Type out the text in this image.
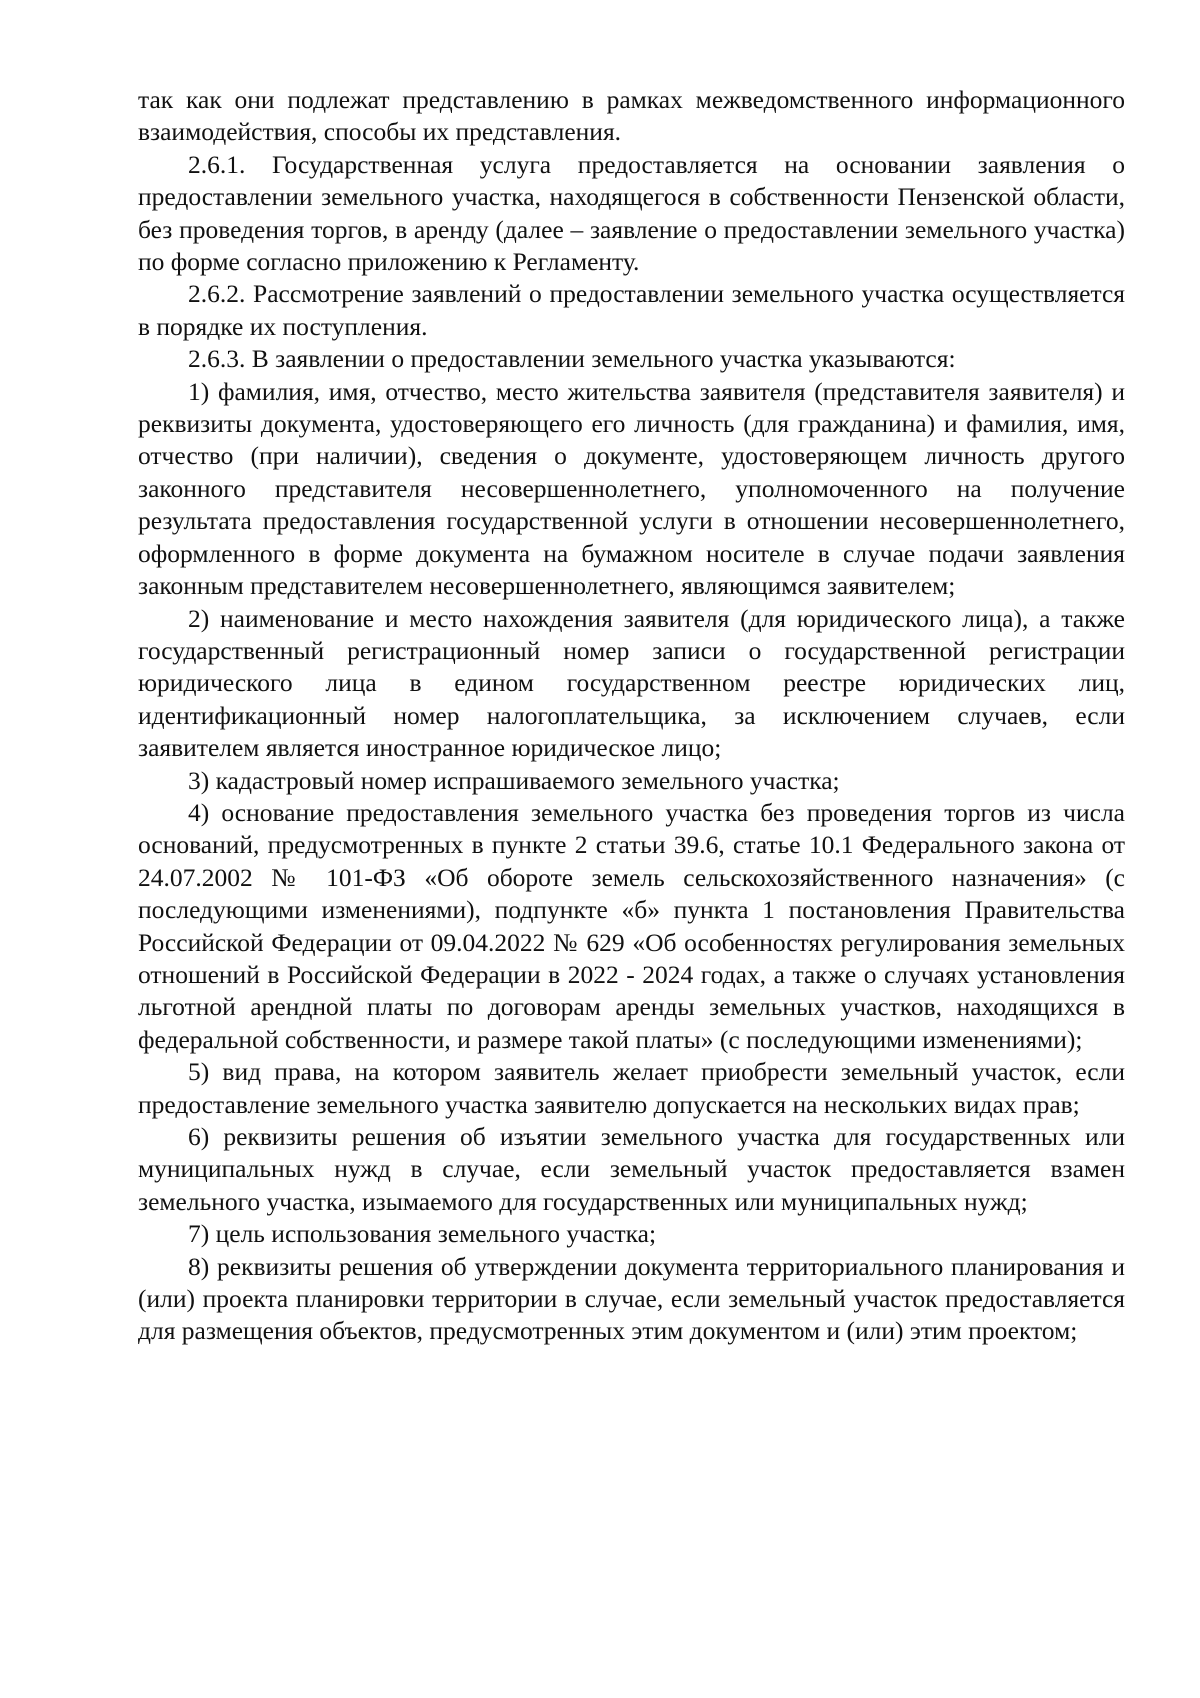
так как они подлежат представлению в рамках межведомственного информационного взаимодействия, способы их представления.

2.6.1. Государственная услуга предоставляется на основании заявления о предоставлении земельного участка, находящегося в собственности Пензенской области, без проведения торгов, в аренду (далее – заявление о предоставлении земельного участка) по форме согласно приложению к Регламенту.

2.6.2. Рассмотрение заявлений о предоставлении земельного участка осуществляется в порядке их поступления.

2.6.3. В заявлении о предоставлении земельного участка указываются:

1) фамилия, имя, отчество, место жительства заявителя (представителя заявителя) и реквизиты документа, удостоверяющего его личность (для гражданина) и фамилия, имя, отчество (при наличии), сведения о документе, удостоверяющем личность другого законного представителя несовершеннолетнего, уполномоченного на получение результата предоставления государственной услуги в отношении несовершеннолетнего, оформленного в форме документа на бумажном носителе в случае подачи заявления законным представителем несовершеннолетнего, являющимся заявителем;

2) наименование и место нахождения заявителя (для юридического лица), а также государственный регистрационный номер записи о государственной регистрации юридического лица в едином государственном реестре юридических лиц, идентификационный номер налогоплательщика, за исключением случаев, если заявителем является иностранное юридическое лицо;

3) кадастровый номер испрашиваемого земельного участка;

4) основание предоставления земельного участка без проведения торгов из числа оснований, предусмотренных в пункте 2 статьи 39.6, статье 10.1 Федерального закона от 24.07.2002 № 101-ФЗ «Об обороте земель сельскохозяйственного назначения» (с последующими изменениями), подпункте «б» пункта 1 постановления Правительства Российской Федерации от 09.04.2022 № 629 «Об особенностях регулирования земельных отношений в Российской Федерации в 2022 - 2024 годах, а также о случаях установления льготной арендной платы по договорам аренды земельных участков, находящихся в федеральной собственности, и размере такой платы» (с последующими изменениями);

5) вид права, на котором заявитель желает приобрести земельный участок, если предоставление земельного участка заявителю допускается на нескольких видах прав;

6) реквизиты решения об изъятии земельного участка для государственных или муниципальных нужд в случае, если земельный участок предоставляется взамен земельного участка, изымаемого для государственных или муниципальных нужд;

7) цель использования земельного участка;

8) реквизиты решения об утверждении документа территориального планирования и (или) проекта планировки территории в случае, если земельный участок предоставляется для размещения объектов, предусмотренных этим документом и (или) этим проектом;
